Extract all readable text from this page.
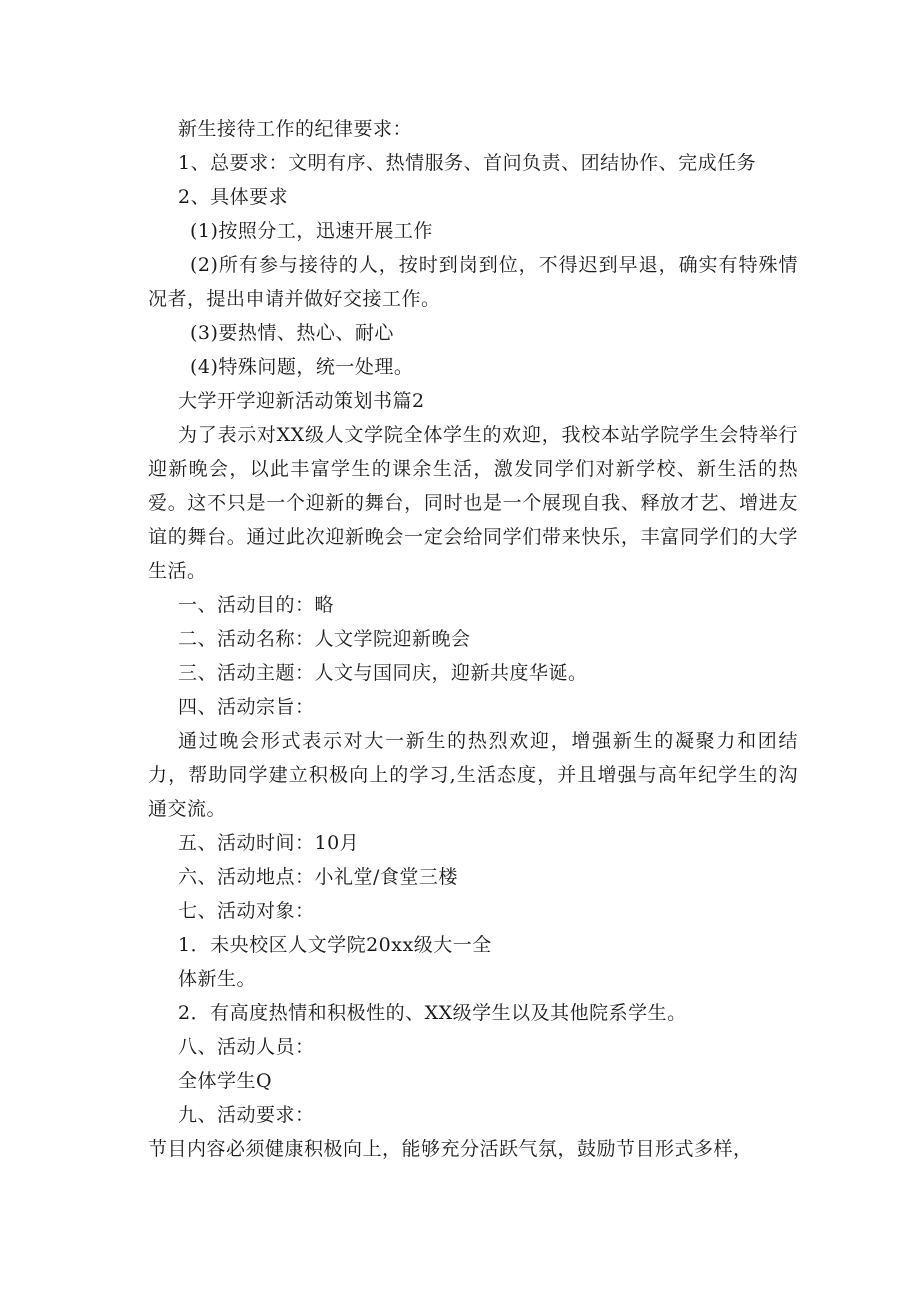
新生接待工作的纪律要求：

1、总要求：文明有序、热情服务、首问负责、团结协作、完成任务

2、具体要求

(1)按照分工，迅速开展工作

(2)所有参与接待的人，按时到岗到位，不得迟到早退，确实有特殊情况者，提出申请并做好交接工作。

(3)要热情、热心、耐心

(4)特殊问题，统一处理。

大学开学迎新活动策划书篇2

为了表示对XX级人文学院全体学生的欢迎，我校本站学院学生会特举行迎新晚会，以此丰富学生的课余生活，激发同学们对新学校、新生活的热爱。这不只是一个迎新的舞台，同时也是一个展现自我、释放才艺、增进友谊的舞台。通过此次迎新晚会一定会给同学们带来快乐，丰富同学们的大学生活。

一、活动目的：略

二、活动名称：人文学院迎新晚会

三、活动主题：人文与国同庆，迎新共度华诞。

四、活动宗旨：

通过晚会形式表示对大一新生的热烈欢迎，增强新生的凝聚力和团结力，帮助同学建立积极向上的学习,生活态度，并且增强与高年纪学生的沟通交流。

五、活动时间：10月

六、活动地点：小礼堂/食堂三楼

七、活动对象：

1．未央校区人文学院20xx级大一全

体新生。

2．有高度热情和积极性的、XX级学生以及其他院系学生。

八、活动人员：

全体学生Q

九、活动要求：

节目内容必须健康积极向上，能够充分活跃气氛，鼓励节目形式多样，
